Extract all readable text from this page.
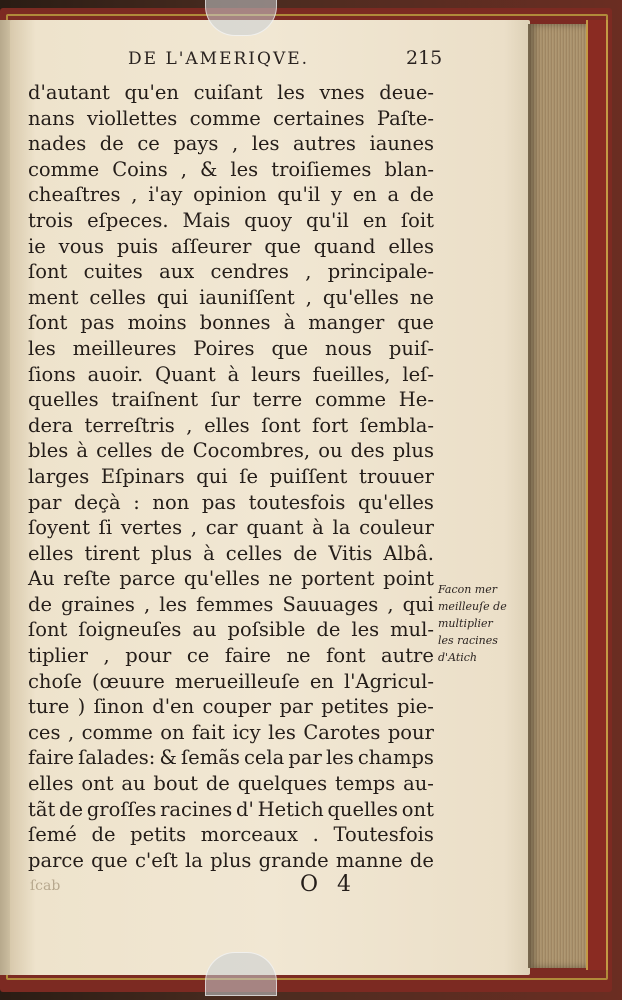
DE L'AMERIQVE.	215
d'autant qu'en cuiſant les vnes deue-
nans viollettes comme certaines Paſte-
nades de ce pays , les autres iaunes
comme Coins , & les troiſiemes blan-
cheaſtres , i'ay opinion qu'il y en a de
trois eſpeces. Mais quoy qu'il en ſoit
ie vous puis aſſeurer que quand elles
ſont cuites aux cendres , principale-
ment celles qui iauniſſent , qu'elles ne
ſont pas moins bonnes à manger que
les meilleures Poires que nous puiſ-
ſions auoir. Quant à leurs fueilles, leſ-
quelles traiſnent ſur terre comme He-
dera terreſtris , elles ſont fort ſembla-
bles à celles de Cocombres, ou des plus
larges Eſpinars qui ſe puiſſent trouuer
par deçà : non pas toutesfois qu'elles
ſoyent ſi vertes , car quant à la couleur
elles tirent plus à celles de Vitis Albâ.
Au reſte parce qu'elles ne portent point
de graines , les femmes Sauuages , qui
ſont ſoigneuſes au poſsible de les mul-
tiplier , pour ce faire ne font autre
choſe (œuure merueilleuſe en l'Agricul-
ture ) ſinon d'en couper par petites pie-
ces , comme on fait icy les Carotes pour
faire ſalades: & ſemãs cela par les champs
elles ont au bout de quelques temps au-
tãt de groſſes racines d' Hetich quelles ont
ſemé de petits morceaux . Toutesfois
parce que c'eſt la plus grande manne de
Facon mer
meilleuſe de
multiplier
les racines
d'Atich
ſcab	O 4
